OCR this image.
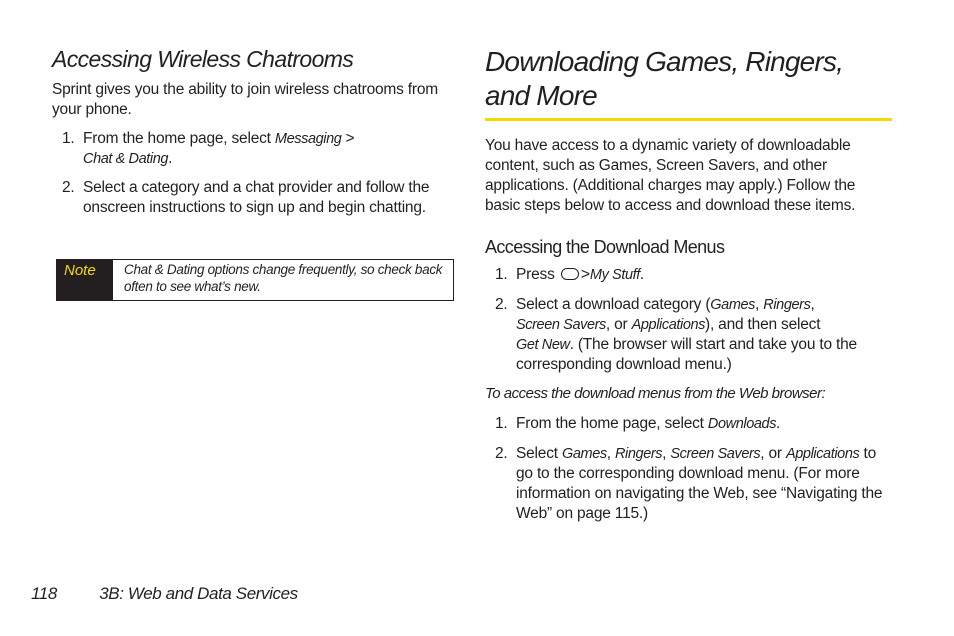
Accessing Wireless Chatrooms

Sprint gives you the ability to join wireless chatrooms from your phone.

1. From the home page, select Messaging >
Chat & Dating.
2. Select a category and a chat provider and follow the onscreen instructions to sign up and begin chatting.
Note	Chat & Dating options change frequently, so check back often to see what’s new.
Downloading Games, Ringers,
and More

You have access to a dynamic variety of downloadable content, such as Games, Screen Savers, and other applications. (Additional charges may apply.) Follow the basic steps below to access and download these items.

Accessing the Download Menus
1. Press >My Stuff.
2. Select a download category (Games, Ringers,
Screen Savers, or Applications), and then select
Get New. (The browser will start and take you to the corresponding download menu.)

To access the download menus from the Web browser:

1. From the home page, select Downloads.
2. Select Games, Ringers, Screen Savers, or Applications to go to the corresponding download menu. (For more information on navigating the Web, see “Navigating the Web” on page 115.)
118 3B: Web and Data Services
